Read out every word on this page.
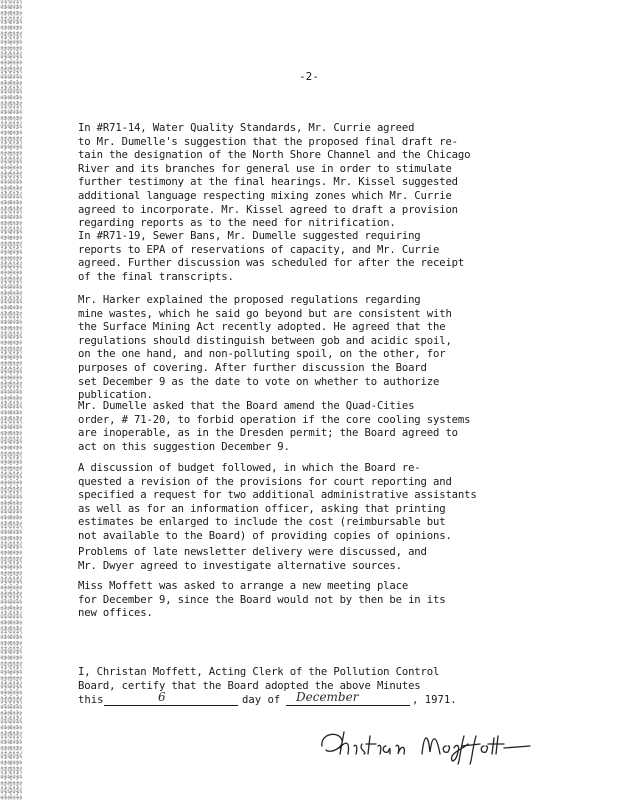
-2-
In #R71-14, Water Quality Standards, Mr. Currie agreed
to Mr. Dumelle's suggestion that the proposed final draft re-
tain the designation of the North Shore Channel and the Chicago
River and its branches for general use in order to stimulate
further testimony at the final hearings. Mr. Kissel suggested
additional language respecting mixing zones which Mr. Currie
agreed to incorporate. Mr. Kissel agreed to draft a provision
regarding reports as to the need for nitrification.
In #R71-19, Sewer Bans, Mr. Dumelle suggested requiring
reports to EPA of reservations of capacity, and Mr. Currie
agreed. Further discussion was scheduled for after the receipt
of the final transcripts.
Mr. Harker explained the proposed regulations regarding
mine wastes, which he said go beyond but are consistent with
the Surface Mining Act recently adopted. He agreed that the
regulations should distinguish between gob and acidic spoil,
on the one hand, and non-polluting spoil, on the other, for
purposes of covering. After further discussion the Board
set December 9 as the date to vote on whether to authorize
publication.
Mr. Dumelle asked that the Board amend the Quad-Cities
order, # 71-20, to forbid operation if the core cooling systems
are inoperable, as in the Dresden permit; the Board agreed to
act on this suggestion December 9.
A discussion of budget followed, in which the Board re-
quested a revision of the provisions for court reporting and
specified a request for two additional administrative assistants
as well as for an information officer, asking that printing
estimates be enlarged to include the cost (reimbursable but
not available to the Board) of providing copies of opinions.
Problems of late newsletter delivery were discussed, and
Mr. Dwyer agreed to investigate alternative sources.
Miss Moffett was asked to arrange a new meeting place
for December 9, since the Board would not by then be in its
new offices.
I, Christan Moffett, Acting Clerk of the Pollution Control
Board, certify that the Board adopted the above Minutes
this	6	day of December	, 1971.
